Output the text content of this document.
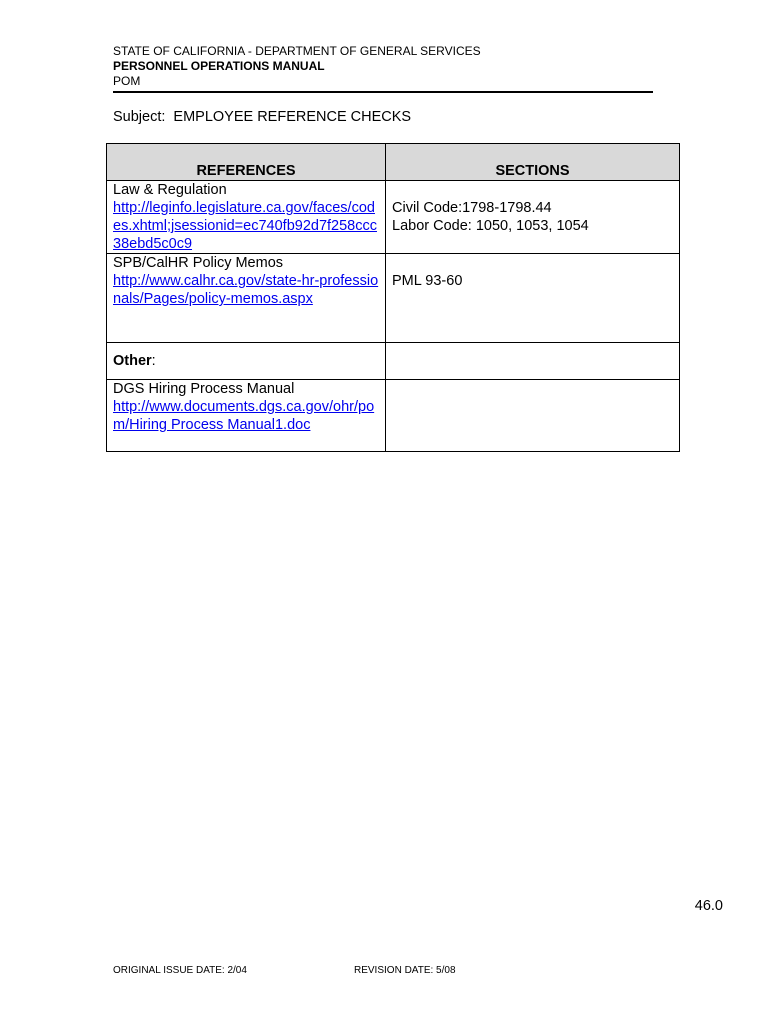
STATE OF CALIFORNIA - DEPARTMENT OF GENERAL SERVICES
PERSONNEL OPERATIONS MANUAL
POM
Subject: EMPLOYEE REFERENCE CHECKS
REFERENCES	SECTIONS

Law & Regulation
http://leginfo.legislature.ca.gov/faces/codes.xhtml;jsessionid=ec740fb92d7f258ccc38ebd5c0c9	Civil Code:1798-1798.44
Labor Code: 1050, 1053, 1054

SPB/CalHR Policy Memos
http://www.calhr.ca.gov/state-hr-professionals/Pages/policy-memos.aspx	PML 93-60

Other:	

DGS Hiring Process Manual
http://www.documents.dgs.ca.gov/ohr/pom/Hiring Process Manual1.doc	
46.0
ORIGINAL ISSUE DATE: 2/04	REVISION DATE: 5/08
